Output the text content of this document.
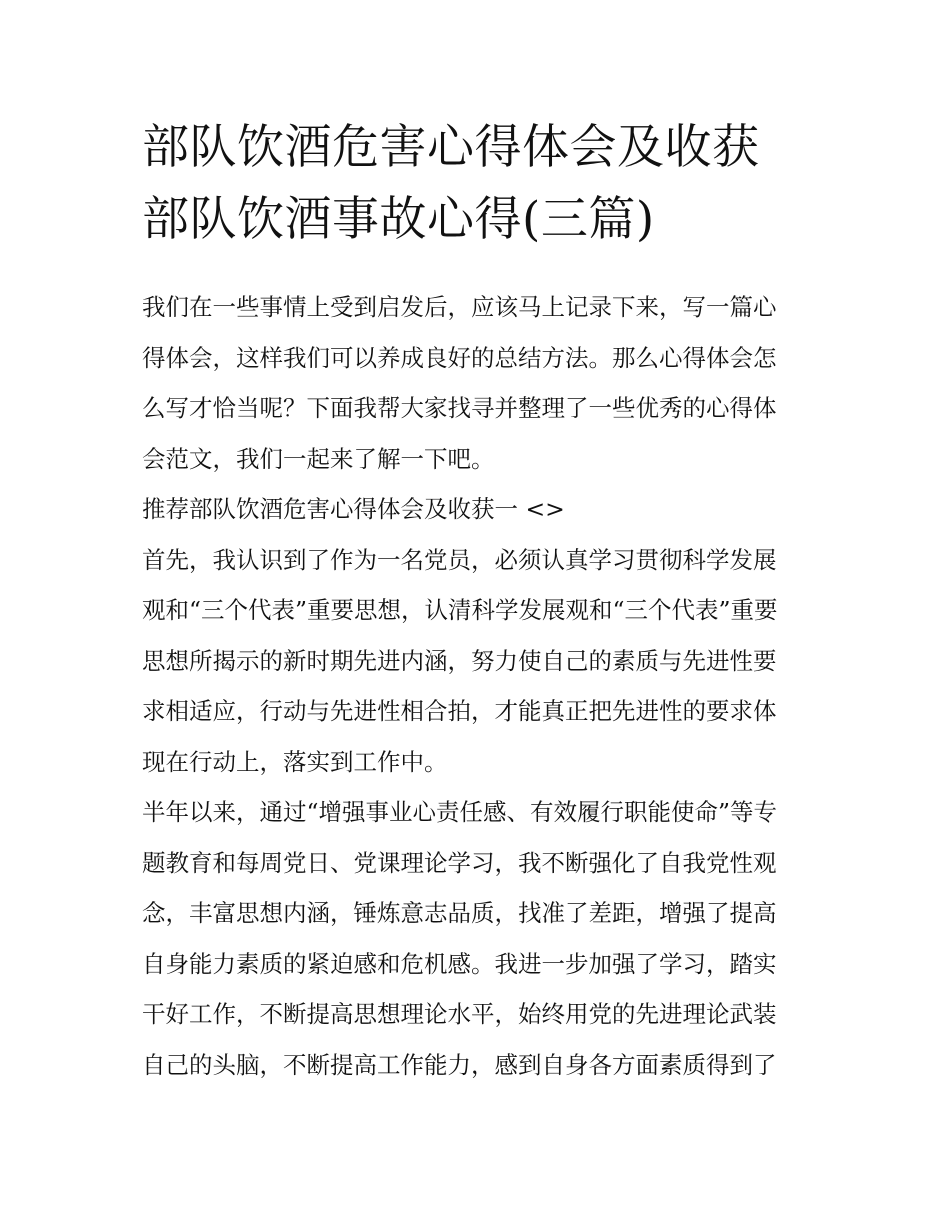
部队饮酒危害心得体会及收获
部队饮酒事故心得(三篇)

我们在一些事情上受到启发后，应该马上记录下来，写一篇心
得体会，这样我们可以养成良好的总结方法。那么心得体会怎
么写才恰当呢？下面我帮大家找寻并整理了一些优秀的心得体
会范文，我们一起来了解一下吧。

推荐部队饮酒危害心得体会及收获一 <>

首先，我认识到了作为一名党员，必须认真学习贯彻科学发展
观和“三个代表”重要思想，认清科学发展观和“三个代表”重要
思想所揭示的新时期先进内涵，努力使自己的素质与先进性要
求相适应，行动与先进性相合拍，才能真正把先进性的要求体
现在行动上，落实到工作中。

半年以来，通过“增强事业心责任感、有效履行职能使命”等专
题教育和每周党日、党课理论学习，我不断强化了自我党性观
念，丰富思想内涵，锤炼意志品质，找准了差距，增强了提高
自身能力素质的紧迫感和危机感。我进一步加强了学习，踏实
干好工作，不断提高思想理论水平，始终用党的先进理论武装
自己的头脑，不断提高工作能力，感到自身各方面素质得到了
